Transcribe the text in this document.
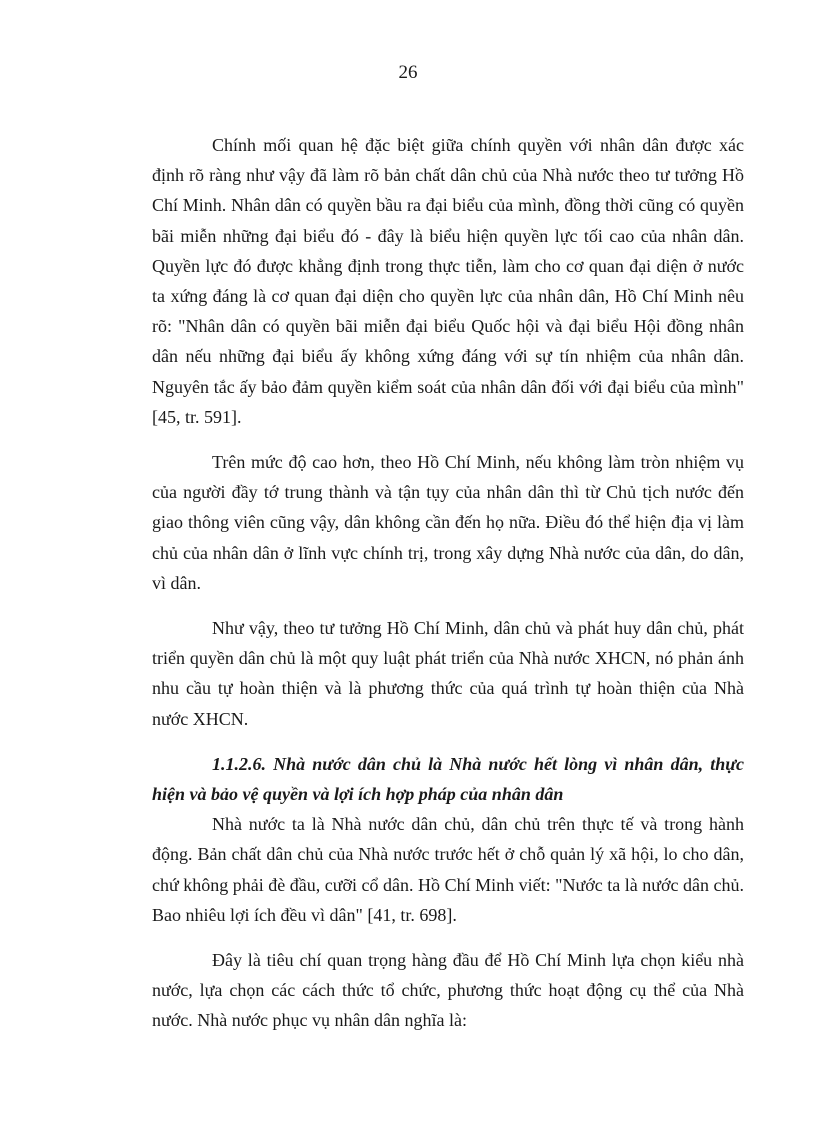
26

Chính mối quan hệ đặc biệt giữa chính quyền với nhân dân được xác định rõ ràng như vậy đã làm rõ bản chất dân chủ của Nhà nước theo tư tưởng Hồ Chí Minh. Nhân dân có quyền bầu ra đại biểu của mình, đồng thời cũng có quyền bãi miễn những đại biểu đó - đây là biểu hiện quyền lực tối cao của nhân dân. Quyền lực đó được khẳng định trong thực tiễn, làm cho cơ quan đại diện ở nước ta xứng đáng là cơ quan đại diện cho quyền lực của nhân dân, Hồ Chí Minh nêu rõ: "Nhân dân có quyền bãi miễn đại biểu Quốc hội và đại biểu Hội đồng nhân dân nếu những đại biểu ấy không xứng đáng với sự tín nhiệm của nhân dân. Nguyên tắc ấy bảo đảm quyền kiểm soát của nhân dân đối với đại biểu của mình" [45, tr. 591].

Trên mức độ cao hơn, theo Hồ Chí Minh, nếu không làm tròn nhiệm vụ của người đầy tớ trung thành và tận tụy của nhân dân thì từ Chủ tịch nước đến giao thông viên cũng vậy, dân không cần đến họ nữa. Điều đó thể hiện địa vị làm chủ của nhân dân ở lĩnh vực chính trị, trong xây dựng Nhà nước của dân, do dân, vì dân.

Như vậy, theo tư tưởng Hồ Chí Minh, dân chủ và phát huy dân chủ, phát triển quyền dân chủ là một quy luật phát triển của Nhà nước XHCN, nó phản ánh nhu cầu tự hoàn thiện và là phương thức của quá trình tự hoàn thiện của Nhà nước XHCN.

1.1.2.6. Nhà nước dân chủ là Nhà nước hết lòng vì nhân dân, thực hiện và bảo vệ quyền và lợi ích hợp pháp của nhân dân

Nhà nước ta là Nhà nước dân chủ, dân chủ trên thực tế và trong hành động. Bản chất dân chủ của Nhà nước trước hết ở chỗ quản lý xã hội, lo cho dân, chứ không phải đè đầu, cưỡi cổ dân. Hồ Chí Minh viết: "Nước ta là nước dân chủ. Bao nhiêu lợi ích đều vì dân" [41, tr. 698].

Đây là tiêu chí quan trọng hàng đầu để Hồ Chí Minh lựa chọn kiểu nhà nước, lựa chọn các cách thức tổ chức, phương thức hoạt động cụ thể của Nhà nước. Nhà nước phục vụ nhân dân nghĩa là:
